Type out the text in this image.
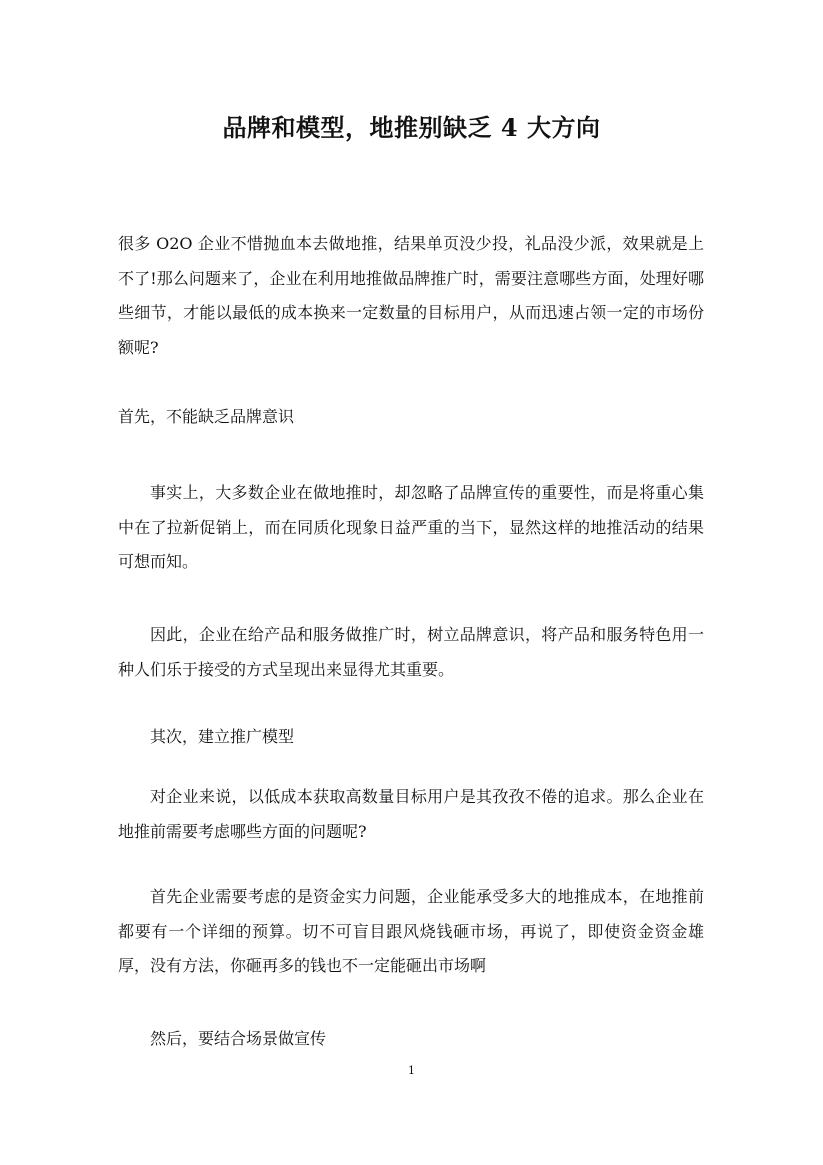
品牌和模型，地推别缺乏 4 大方向
很多 O2O 企业不惜抛血本去做地推，结果单页没少投，礼品没少派，效果就是上不了!那么问题来了，企业在利用地推做品牌推广时，需要注意哪些方面，处理好哪些细节，才能以最低的成本换来一定数量的目标用户，从而迅速占领一定的市场份额呢?
首先，不能缺乏品牌意识
事实上，大多数企业在做地推时，却忽略了品牌宣传的重要性，而是将重心集中在了拉新促销上，而在同质化现象日益严重的当下，显然这样的地推活动的结果可想而知。
因此，企业在给产品和服务做推广时，树立品牌意识，将产品和服务特色用一种人们乐于接受的方式呈现出来显得尤其重要。
其次，建立推广模型
对企业来说，以低成本获取高数量目标用户是其孜孜不倦的追求。那么企业在地推前需要考虑哪些方面的问题呢?
首先企业需要考虑的是资金实力问题，企业能承受多大的地推成本，在地推前都要有一个详细的预算。切不可盲目跟风烧钱砸市场，再说了，即使资金资金雄厚，没有方法，你砸再多的钱也不一定能砸出市场啊
然后，要结合场景做宣传
1
